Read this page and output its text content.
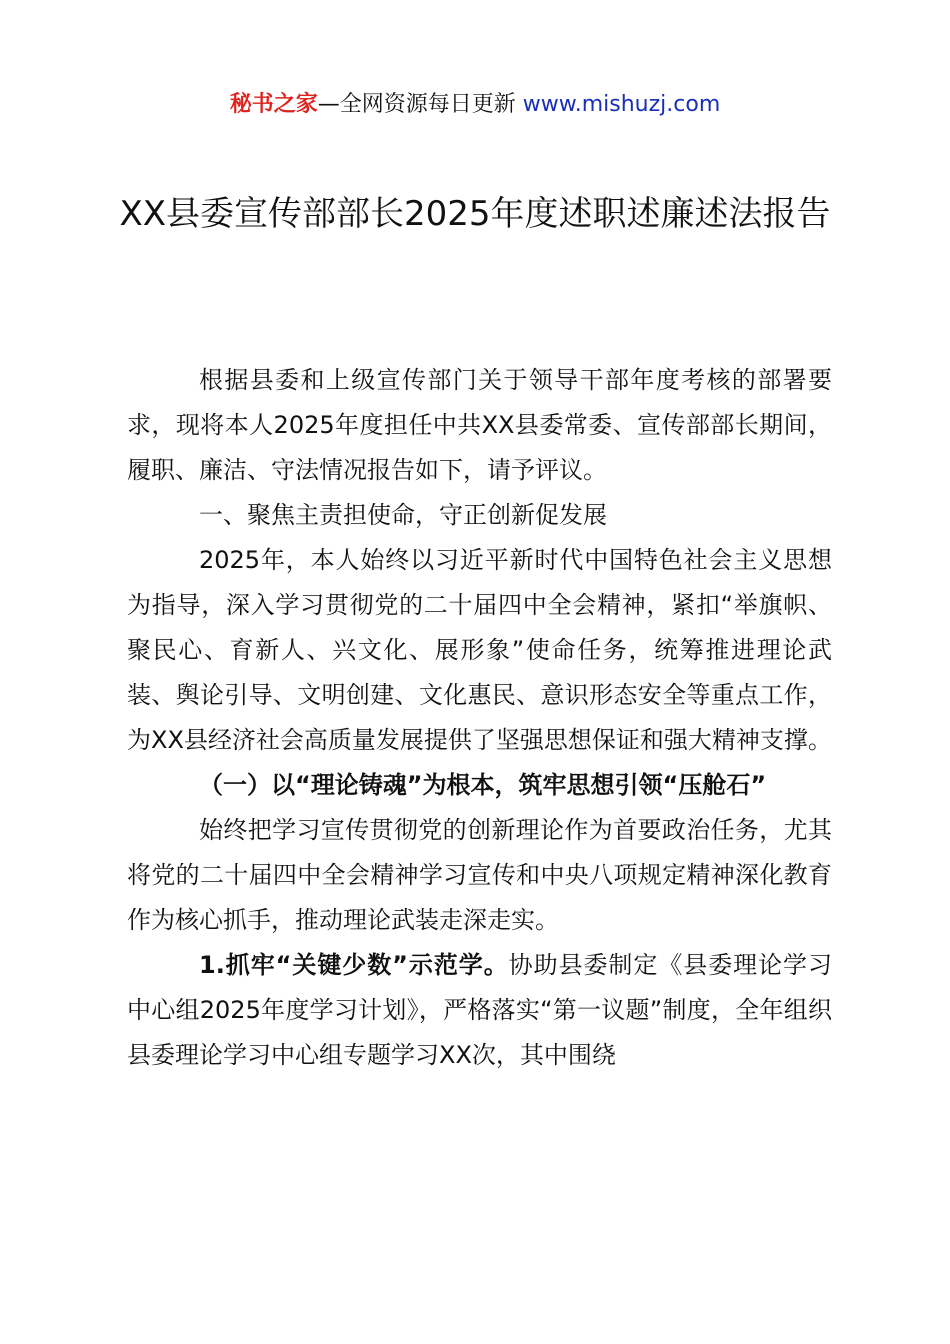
秘书之家—全网资源每日更新 www.mishuzj.com
XX县委宣传部部长2025年度述职述廉述法报告

根据县委和上级宣传部门关于领导干部年度考核的部署要求，现将本人2025年度担任中共XX县委常委、宣传部部长期间，履职、廉洁、守法情况报告如下，请予评议。

一、聚焦主责担使命，守正创新促发展

2025年，本人始终以习近平新时代中国特色社会主义思想为指导，深入学习贯彻党的二十届四中全会精神，紧扣“举旗帜、聚民心、育新人、兴文化、展形象”使命任务，统筹推进理论武装、舆论引导、文明创建、文化惠民、意识形态安全等重点工作，为XX县经济社会高质量发展提供了坚强思想保证和强大精神支撑。

（一）以“理论铸魂”为根本，筑牢思想引领“压舱石”

始终把学习宣传贯彻党的创新理论作为首要政治任务，尤其将党的二十届四中全会精神学习宣传和中央八项规定精神深化教育作为核心抓手，推动理论武装走深走实。

1.抓牢“关键少数”示范学。协助县委制定《县委理论学习中心组2025年度学习计划》，严格落实“第一议题”制度，全年组织县委理论学习中心组专题学习XX次，其中围绕
